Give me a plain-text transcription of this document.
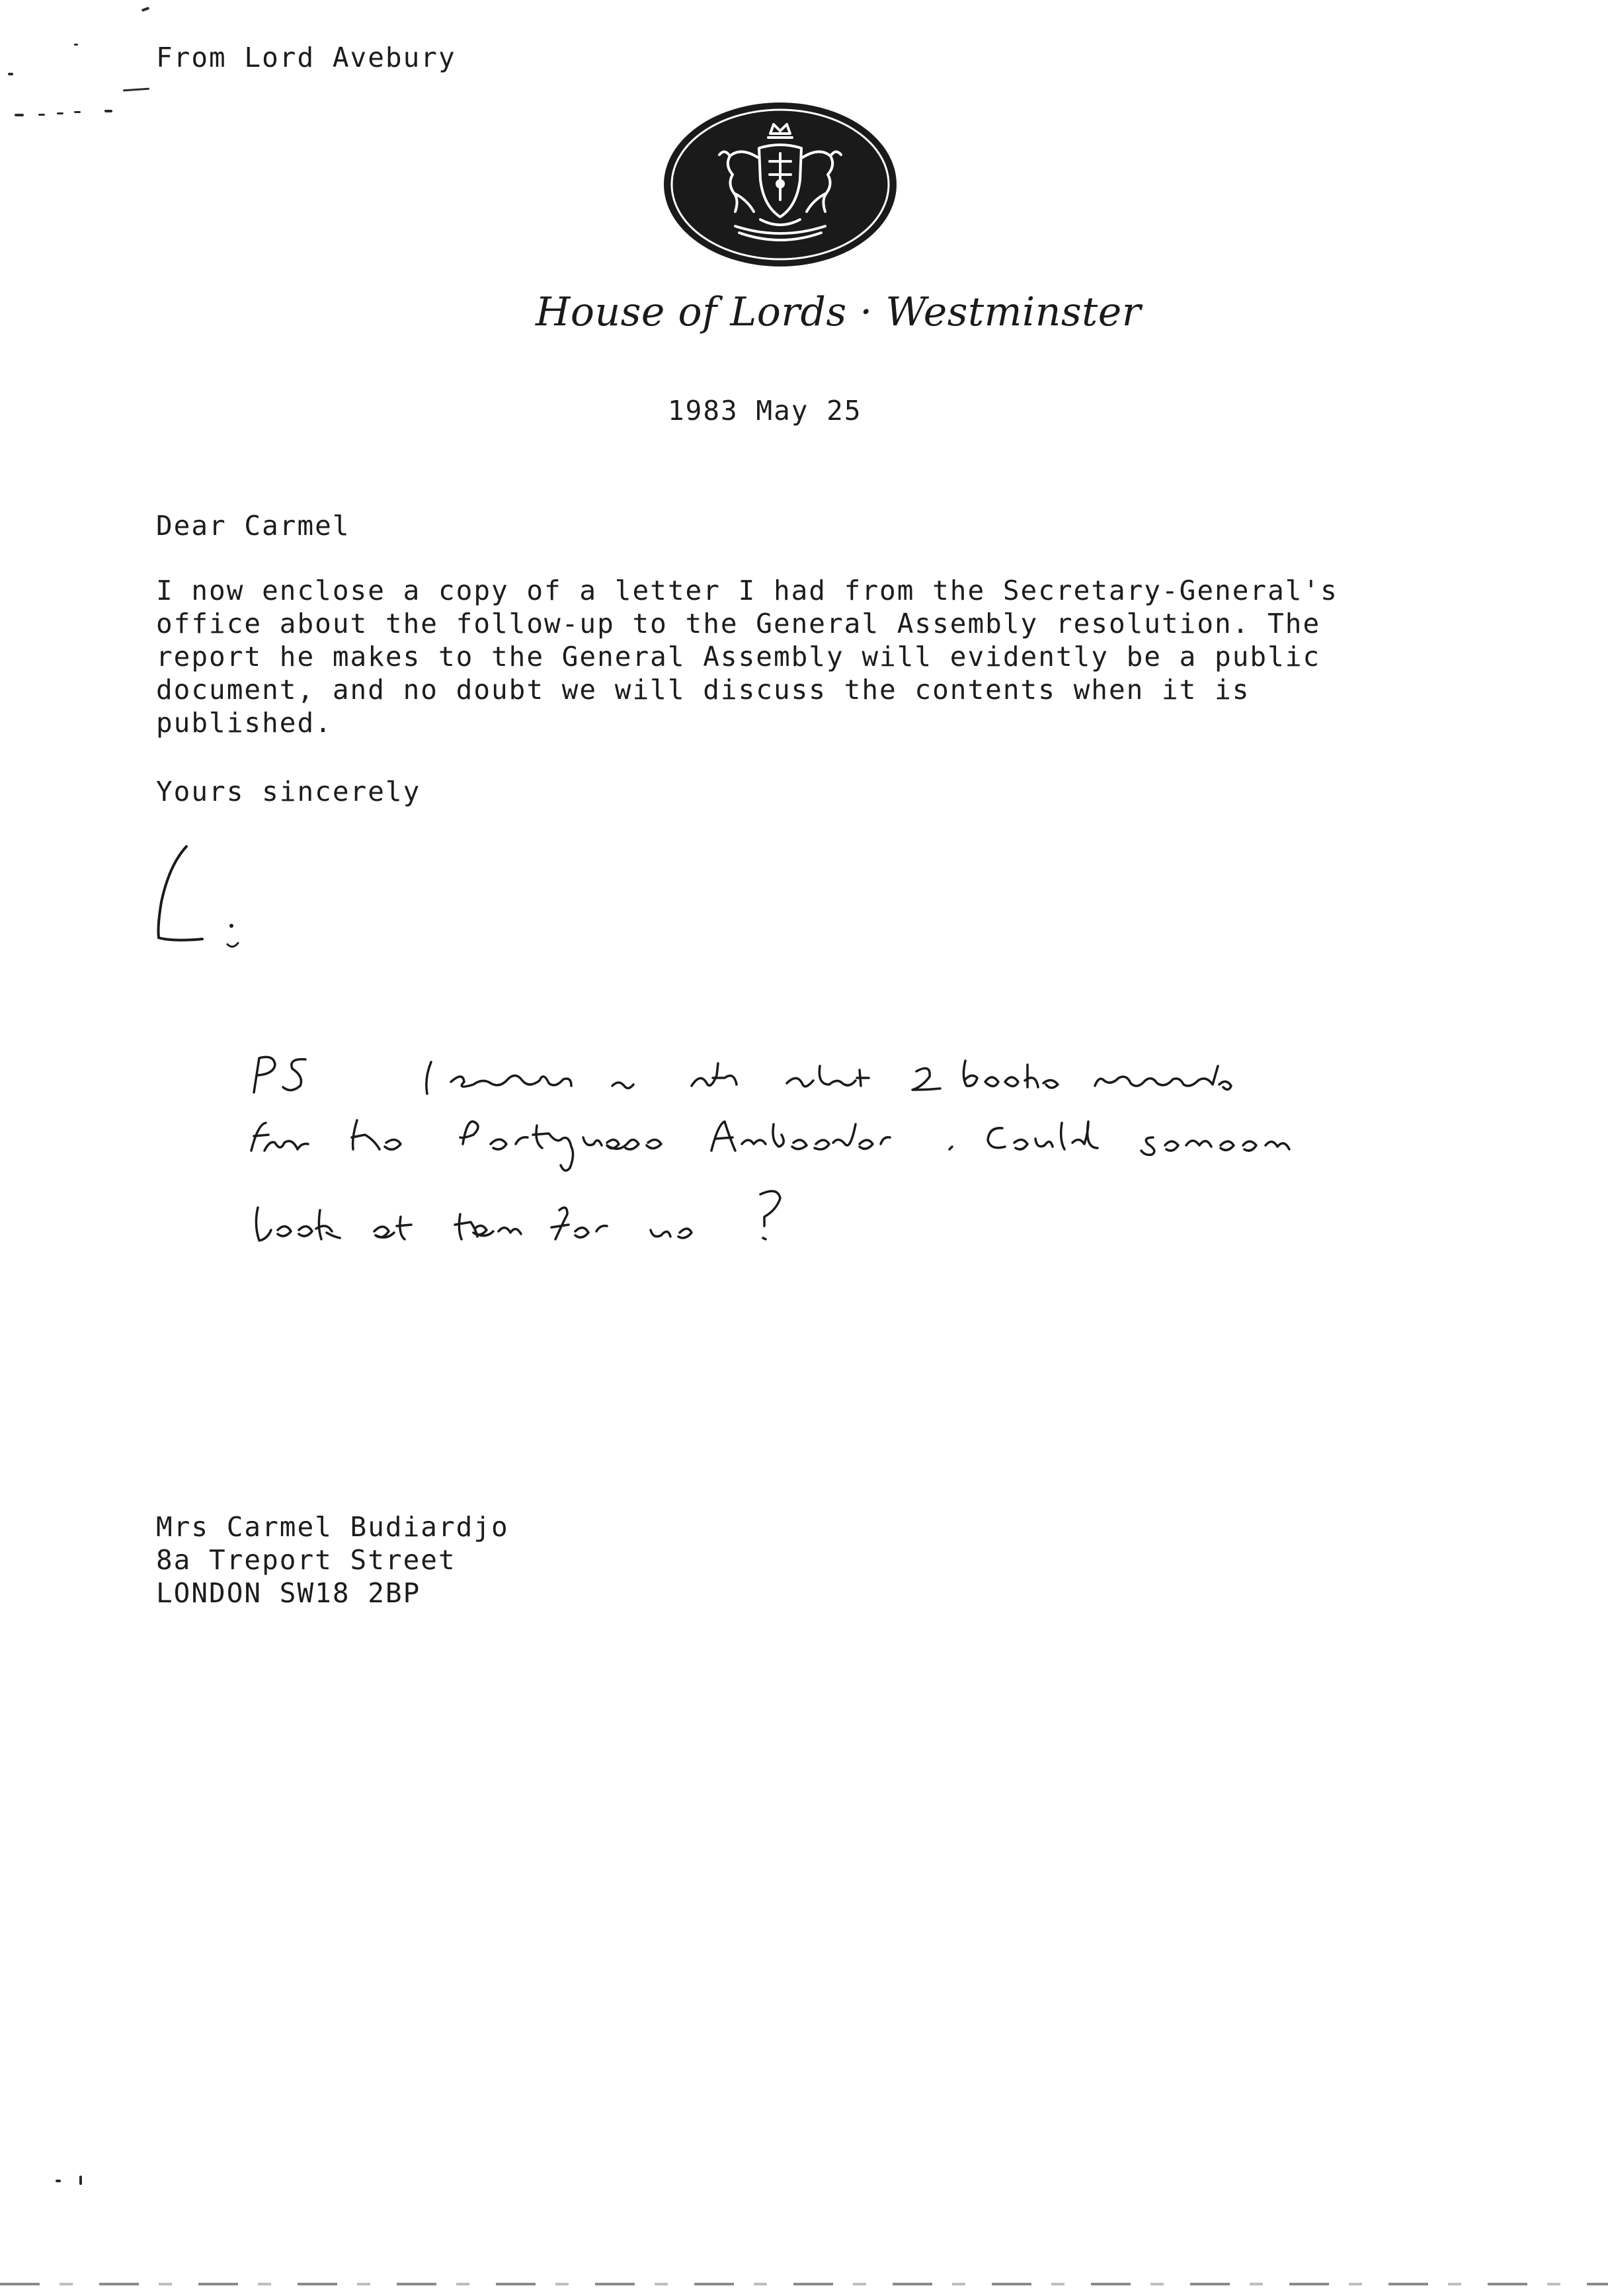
From Lord Avebury
House of Lords · Westminster
1983 May 25
Dear Carmel

I now enclose a copy of a letter I had from the Secretary-General's
office about the follow-up to the General Assembly resolution. The
report he makes to the General Assembly will evidently be a public
document, and no doubt we will discuss the contents when it is
published.

Yours sincerely
Mrs Carmel Budiardjo
8a Treport Street
LONDON SW18 2BP
